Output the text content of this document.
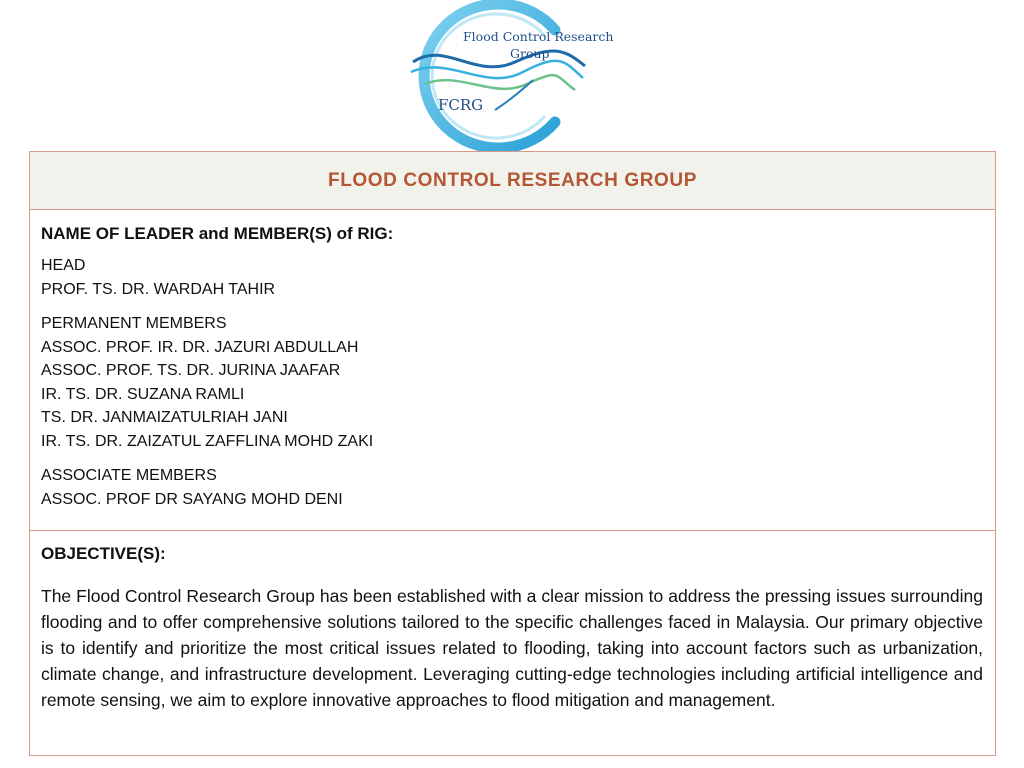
Flood Control Research
Group
FCRG
FLOOD CONTROL RESEARCH GROUP

NAME OF LEADER and MEMBER(S) of RIG:
HEAD
PROF. TS. DR. WARDAH TAHIR
PERMANENT MEMBERS
ASSOC. PROF. IR. DR. JAZURI ABDULLAH
ASSOC. PROF. TS. DR. JURINA JAAFAR
IR. TS. DR. SUZANA RAMLI
TS. DR. JANMAIZATULRIAH JANI
IR. TS. DR. ZAIZATUL ZAFFLINA MOHD ZAKI
ASSOCIATE MEMBERS
ASSOC. PROF DR SAYANG MOHD DENI

OBJECTIVE(S):

The Flood Control Research Group has been established with a clear mission to address the pressing issues surrounding flooding and to offer comprehensive solutions tailored to the specific challenges faced in Malaysia. Our primary objective is to identify and prioritize the most critical issues related to flooding, taking into account factors such as urbanization, climate change, and infrastructure development. Leveraging cutting-edge technologies including artificial intelligence and remote sensing, we aim to explore innovative approaches to flood mitigation and management.
